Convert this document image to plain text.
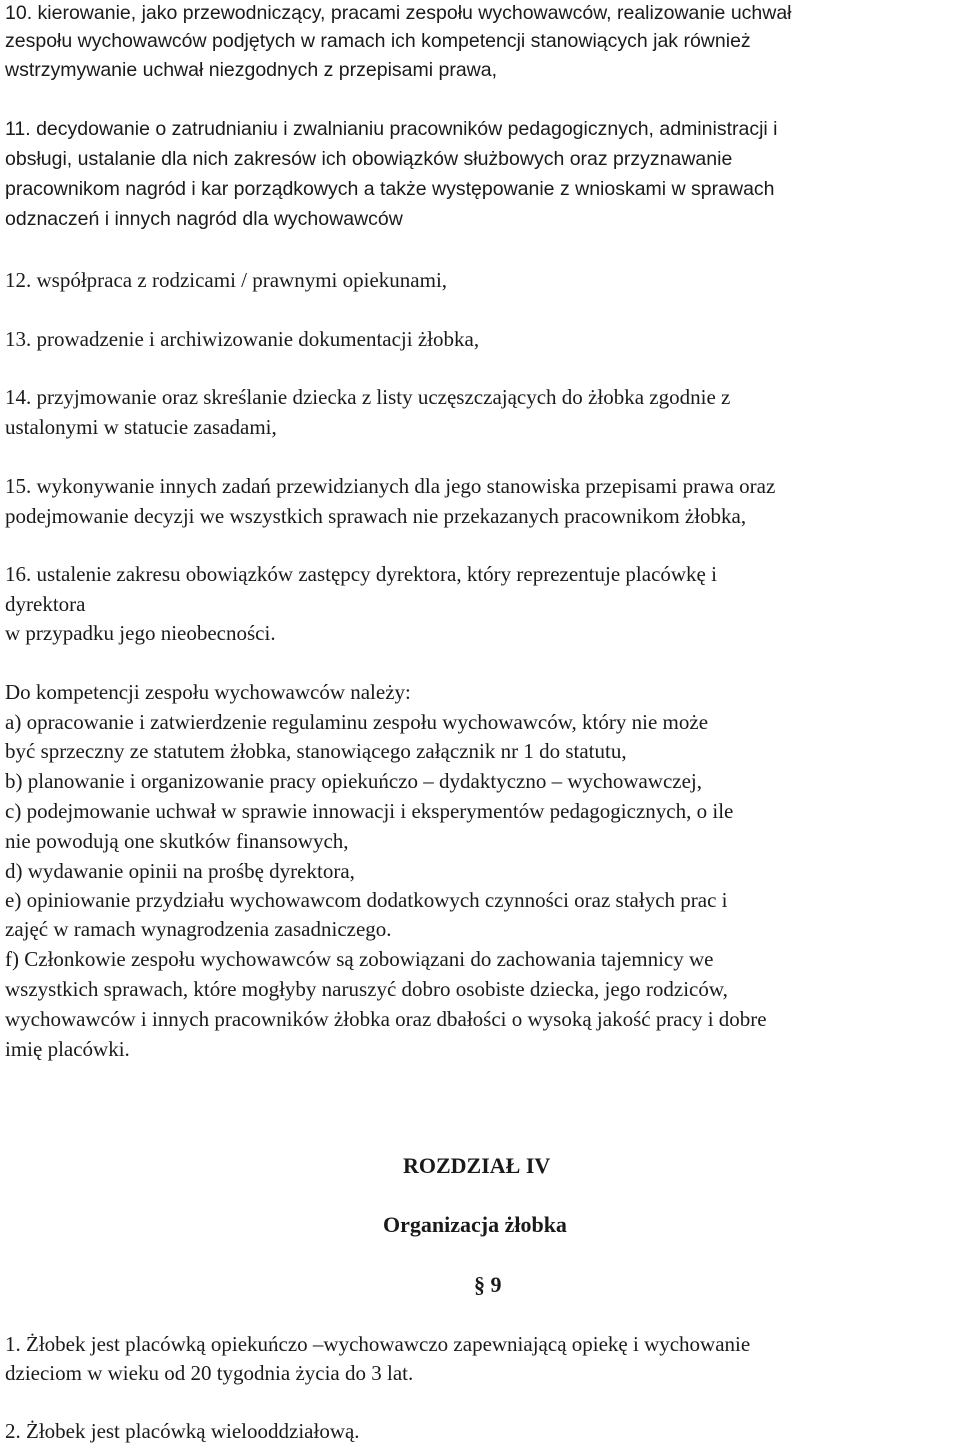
10. kierowanie, jako przewodniczący, pracami zespołu wychowawców, realizowanie uchwał
zespołu wychowawców podjętych w ramach ich kompetencji stanowiących jak również
wstrzymywanie uchwał niezgodnych z przepisami prawa,
11. decydowanie o zatrudnianiu i zwalnianiu pracowników pedagogicznych, administracji i
obsługi, ustalanie dla nich zakresów ich obowiązków służbowych oraz przyznawanie
pracownikom nagród i kar porządkowych a także występowanie z wnioskami w sprawach
odznaczeń i innych nagród dla wychowawców
12. współpraca z rodzicami / prawnymi opiekunami,
13. prowadzenie i archiwizowanie dokumentacji żłobka,
14. przyjmowanie oraz skreślanie dziecka z listy uczęszczających do żłobka zgodnie z
ustalonymi w statucie zasadami,
15. wykonywanie innych zadań przewidzianych dla jego stanowiska przepisami prawa oraz
podejmowanie decyzji we wszystkich sprawach nie przekazanych pracownikom żłobka,
16. ustalenie zakresu obowiązków zastępcy dyrektora, który reprezentuje placówkę i
dyrektora
w przypadku jego nieobecności.
Do kompetencji zespołu wychowawców należy:
a) opracowanie i zatwierdzenie regulaminu zespołu wychowawców, który nie może
być sprzeczny ze statutem żłobka, stanowiącego załącznik nr 1 do statutu,
b) planowanie i organizowanie pracy opiekuńczo – dydaktyczno – wychowawczej,
c) podejmowanie uchwał w sprawie innowacji i eksperymentów pedagogicznych, o ile
nie powodują one skutków finansowych,
d) wydawanie opinii na prośbę dyrektora,
e) opiniowanie przydziału wychowawcom dodatkowych czynności oraz stałych prac i
zajęć w ramach wynagrodzenia zasadniczego.
f) Członkowie zespołu wychowawców są zobowiązani do zachowania tajemnicy we
wszystkich sprawach, które mogłyby naruszyć dobro osobiste dziecka, jego rodziców,
wychowawców i innych pracowników żłobka oraz dbałości o wysoką jakość pracy i dobre
imię placówki.
ROZDZIAŁ IV
Organizacja żłobka
§ 9
1. Żłobek jest placówką opiekuńczo –wychowawczo zapewniającą opiekę i wychowanie
dzieciom w wieku od 20 tygodnia życia do 3 lat.
2. Żłobek jest placówką wielooddziałową.
